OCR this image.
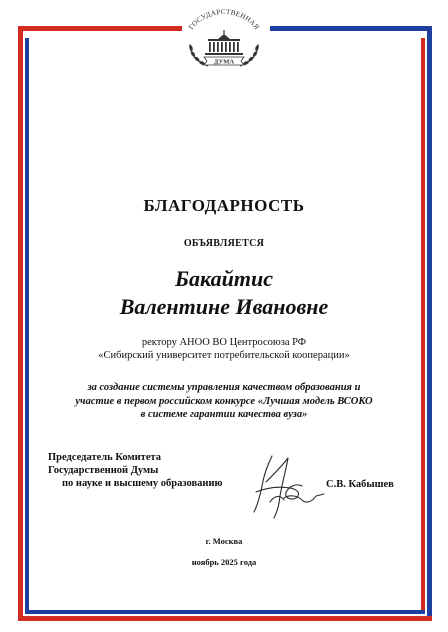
ГОСУДАРСТВЕННАЯ
ДУМА
БЛАГОДАРНОСТЬ
ОБЪЯВЛЯЕТСЯ
Бакайтис
Валентине Ивановне
ректору АНОО ВО Центросоюза РФ
«Сибирский университет потребительской кооперации»
за создание системы управления качеством образования и
участие в первом российском конкурсе «Лучшая модель ВСОКО
в системе гарантии качества вуза»
Председатель Комитета
Государственной Думы
по науке и высшему образованию	С.В. Кабышев
г. Москва
ноябрь 2025 года
